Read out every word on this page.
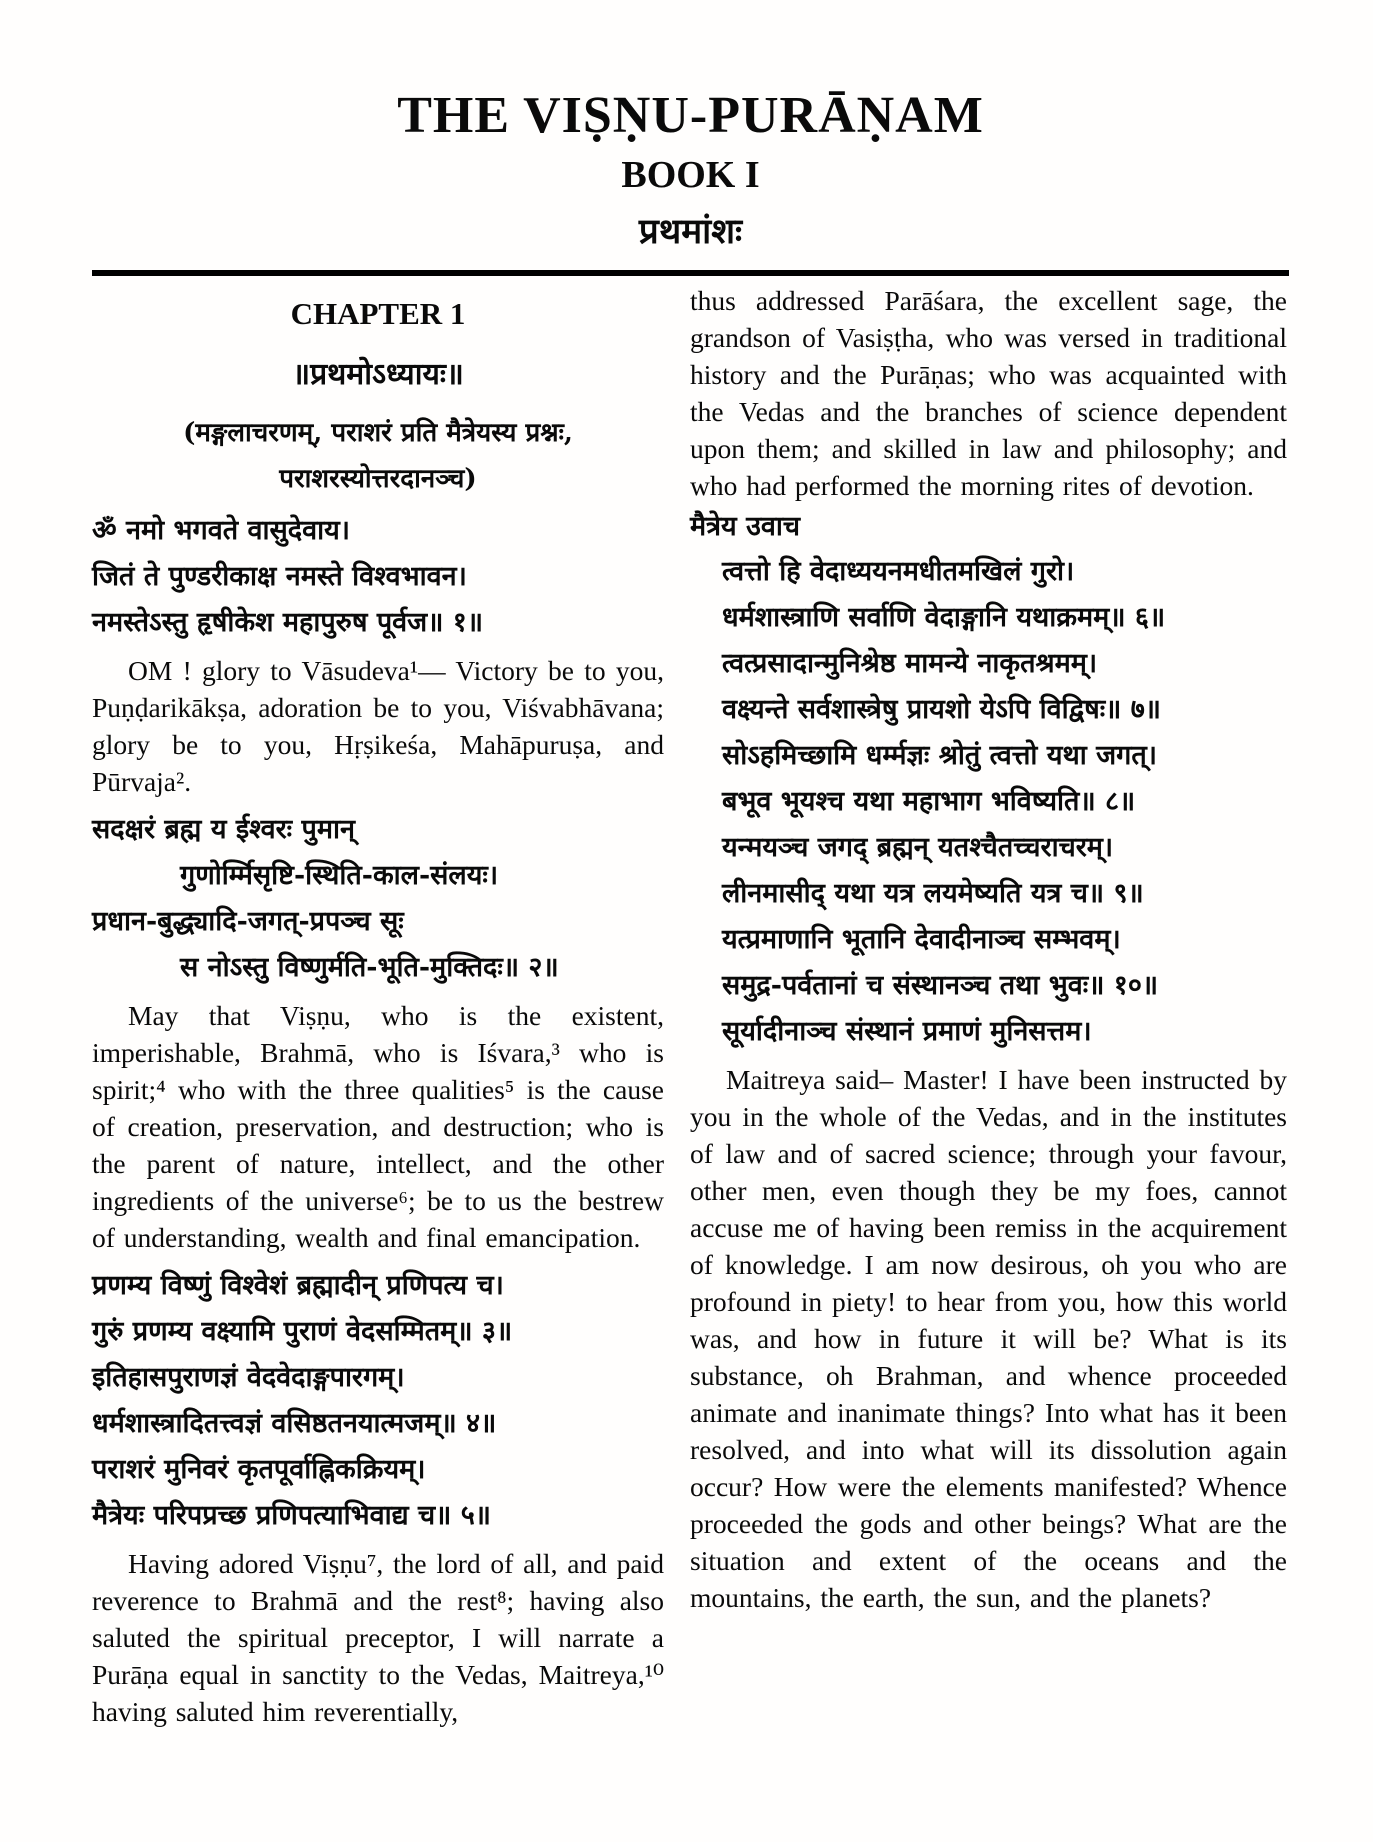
THE VIṢṆU-PURĀṆAM
BOOK I
प्रथमांशः
CHAPTER 1
॥प्रथमोऽध्यायः॥
(मङ्गलाचरणम्, पराशरं प्रति मैत्रेयस्य प्रश्नः,
पराशरस्योत्तरदानञ्च)
ॐ नमो भगवते वासुदेवाय।
जितं ते पुण्डरीकाक्ष नमस्ते विश्वभावन।
नमस्तेऽस्तु हृषीकेश महापुरुष पूर्वज॥ १॥

OM ! glory to Vāsudeva¹— Victory be to you, Puṇḍarikākṣa, adoration be to you, Viśvabhāvana; glory be to you, Hṛṣikeśa, Mahāpuruṣa, and Pūrvaja².

सदक्षरं ब्रह्म य ईश्वरः पुमान्
गुणोर्म्मिसृष्टि-स्थिति-काल-संलयः।
प्रधान-बुद्ध्यादि-जगत्-प्रपञ्च सूः
स नोऽस्तु विष्णुर्मति-भूति-मुक्तिदः॥ २॥

May that Viṣṇu, who is the existent, imperishable, Brahmā, who is Iśvara,³ who is spirit;⁴ who with the three qualities⁵ is the cause of creation, preservation, and destruction; who is the parent of nature, intellect, and the other ingredients of the universe⁶; be to us the bestrew of understanding, wealth and final emancipation.

प्रणम्य विष्णुं विश्वेशं ब्रह्मादीन् प्रणिपत्य च।
गुरुं प्रणम्य वक्ष्यामि पुराणं वेदसम्मितम्॥ ३॥
इतिहासपुराणज्ञं वेदवेदाङ्गपारगम्।
धर्मशास्त्रादितत्त्वज्ञं वसिष्ठतनयात्मजम्॥ ४॥
पराशरं मुनिवरं कृतपूर्वाह्निकक्रियम्।
मैत्रेयः परिपप्रच्छ प्रणिपत्याभिवाद्य च॥ ५॥

Having adored Viṣṇu⁷, the lord of all, and paid reverence to Brahmā and the rest⁸; having also saluted the spiritual preceptor, I will narrate a Purāṇa equal in sanctity to the Vedas, Maitreya,¹⁰ having saluted him reverentially,

thus addressed Parāśara, the excellent sage, the grandson of Vasiṣṭha, who was versed in traditional history and the Purāṇas; who was acquainted with the Vedas and the branches of science dependent upon them; and skilled in law and philosophy; and who had performed the morning rites of devotion.

मैत्रेय उवाच
त्वत्तो हि वेदाध्ययनमधीतमखिलं गुरो।
धर्मशास्त्राणि सर्वाणि वेदाङ्गानि यथाक्रमम्॥ ६॥
त्वत्प्रसादान्मुनिश्रेष्ठ मामन्ये नाकृतश्रमम्।
वक्ष्यन्ते सर्वशास्त्रेषु प्रायशो येऽपि विद्विषः॥ ७॥
सोऽहमिच्छामि धर्म्मज्ञः श्रोतुं त्वत्तो यथा जगत्।
बभूव भूयश्च यथा महाभाग भविष्यति॥ ८॥
यन्मयञ्च जगद् ब्रह्मन् यतश्चैतच्चराचरम्।
लीनमासीद् यथा यत्र लयमेष्यति यत्र च॥ ९॥
यत्प्रमाणानि भूतानि देवादीनाञ्च सम्भवम्।
समुद्र-पर्वतानां च संस्थानञ्च तथा भुवः॥ १०॥
सूर्यादीनाञ्च संस्थानं प्रमाणं मुनिसत्तम।

Maitreya said– Master! I have been instructed by you in the whole of the Vedas, and in the institutes of law and of sacred science; through your favour, other men, even though they be my foes, cannot accuse me of having been remiss in the acquirement of knowledge. I am now desirous, oh you who are profound in piety! to hear from you, how this world was, and how in future it will be? What is its substance, oh Brahman, and whence proceeded animate and inanimate things? Into what has it been resolved, and into what will its dissolution again occur? How were the elements manifested? Whence proceeded the gods and other beings? What are the situation and extent of the oceans and the mountains, the earth, the sun, and the planets?
